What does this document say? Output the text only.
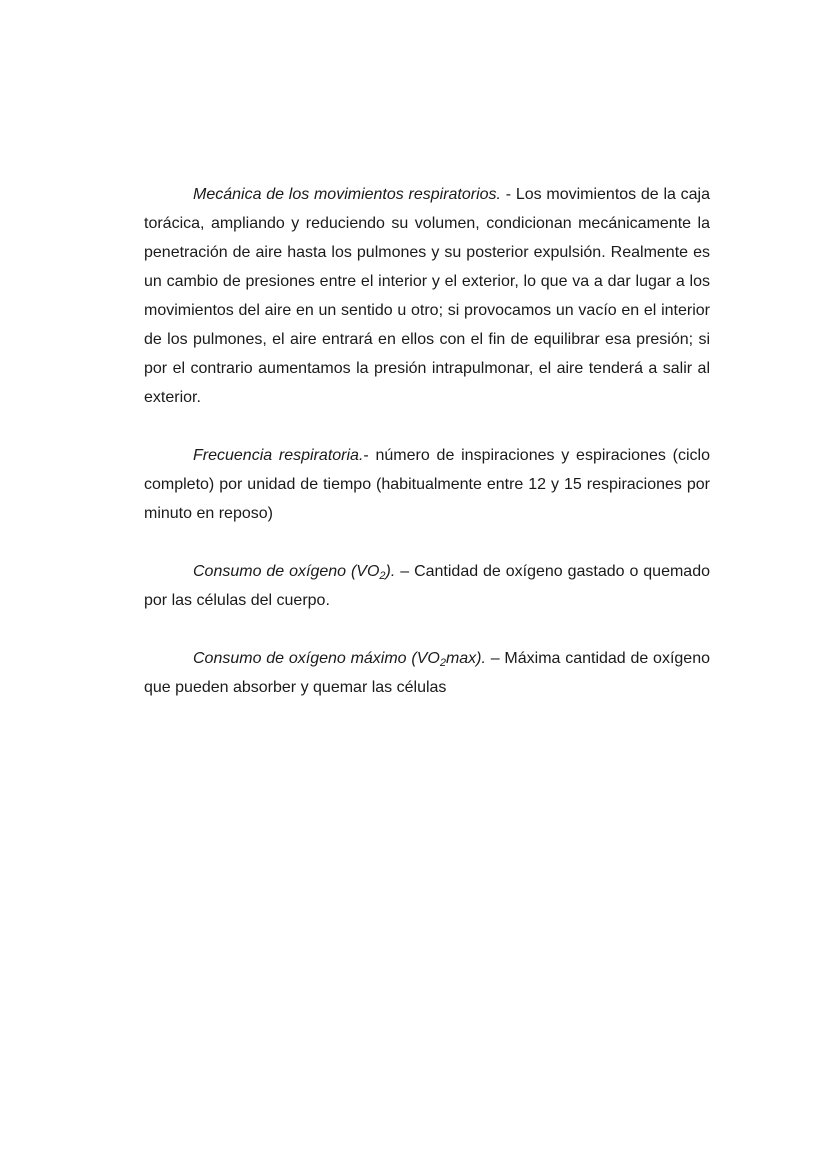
Mecánica de los movimientos respiratorios. - Los movimientos de la caja torácica, ampliando y reduciendo su volumen, condicionan mecánicamente la penetración de aire hasta los pulmones y su posterior expulsión. Realmente es un cambio de presiones entre el interior y el exterior, lo que va a dar lugar a los movimientos del aire en un sentido u otro; si provocamos un vacío en el interior de los pulmones, el aire entrará en ellos con el fin de equilibrar esa presión; si por el contrario aumentamos la presión intrapulmonar, el aire tenderá a salir al exterior.

Frecuencia respiratoria.- número de inspiraciones y espiraciones (ciclo completo) por unidad de tiempo (habitualmente entre 12 y 15 respiraciones por minuto en reposo)

Consumo de oxígeno $(VO_2)$. – Cantidad de oxígeno gastado o quemado por las células del cuerpo.

Consumo de oxígeno máximo $(VO_2\max)$. – Máxima cantidad de oxígeno que pueden absorber y quemar las células
